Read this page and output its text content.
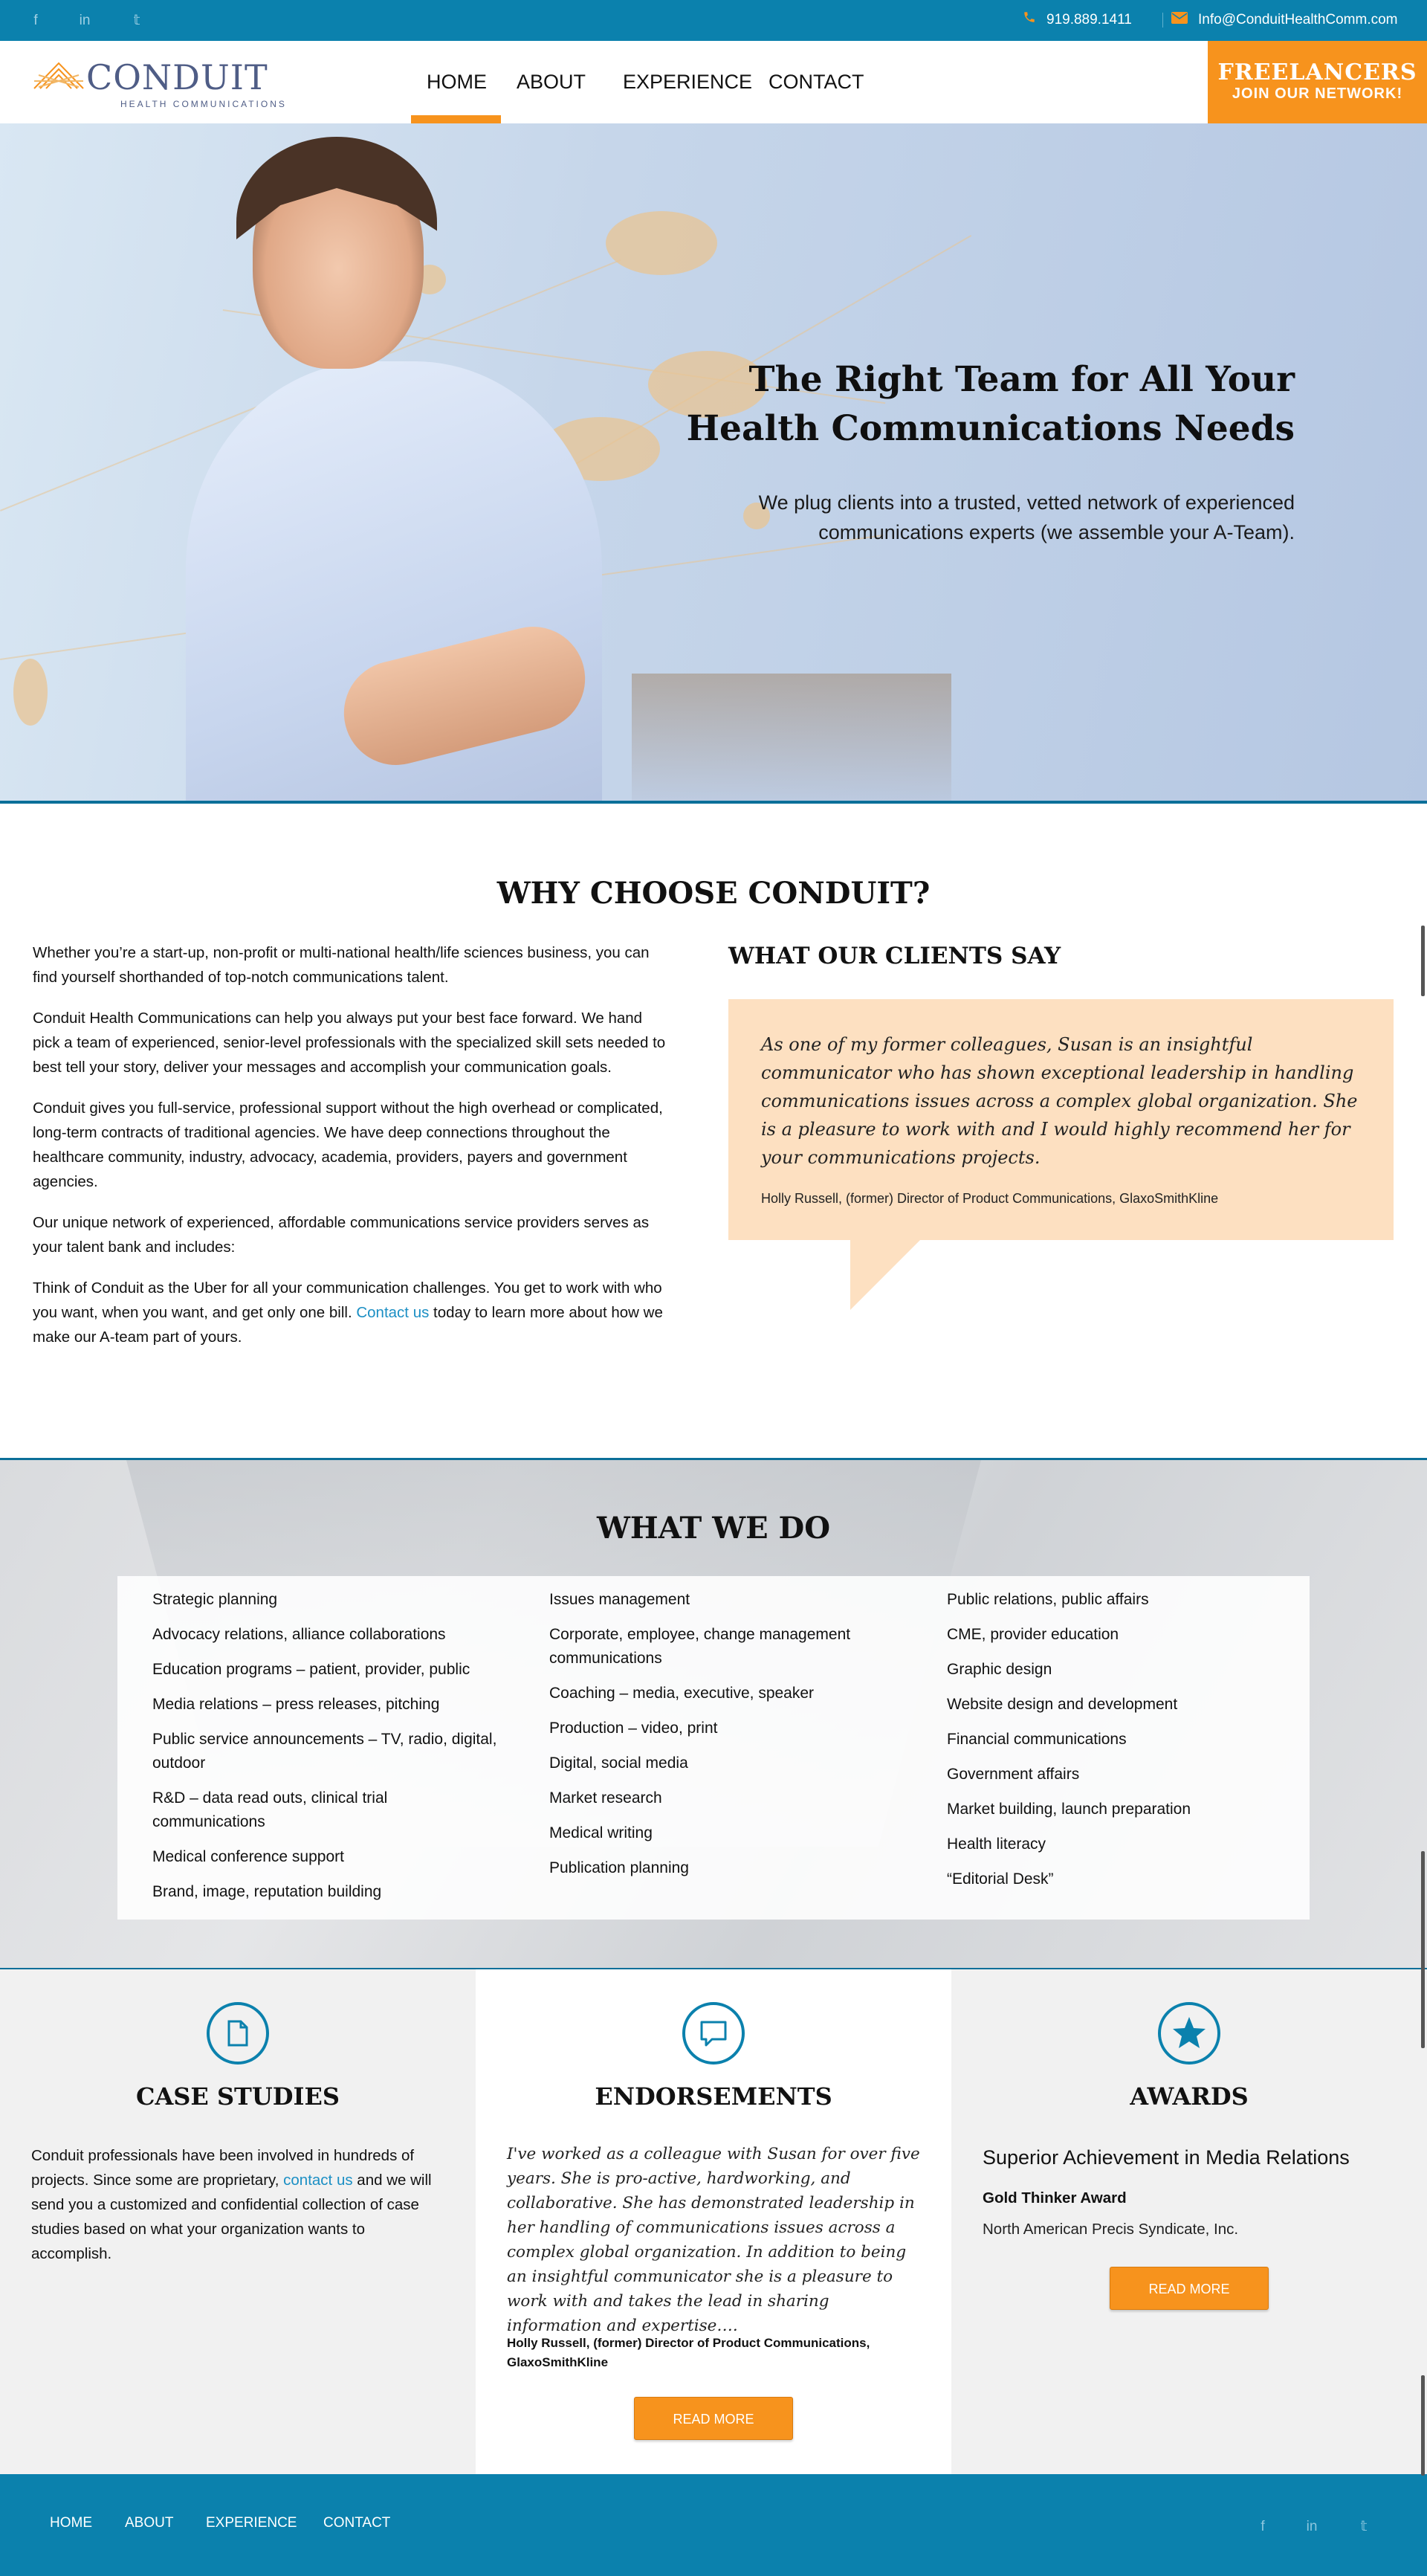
f	in	𝕥	919.889.1411	Info@ConduitHealthComm.com
CONDUIT
HEALTH COMMUNICATIONS
HOME ABOUT EXPERIENCE CONTACT	FREELANCERS
JOIN OUR NETWORK!
The Right Team for All Your Health Communications Needs

We plug clients into a trusted, vetted network of experienced communications experts (we assemble your A-Team).

WHY CHOOSE CONDUIT?

Whether you’re a start-up, non-profit or multi-national health/life sciences business, you can find yourself shorthanded of top-notch communications talent.

Conduit Health Communications can help you always put your best face forward. We hand pick a team of experienced, senior-level professionals with the specialized skill sets needed to best tell your story, deliver your messages and accomplish your communication goals.

Conduit gives you full-service, professional support without the high overhead or complicated, long-term contracts of traditional agencies. We have deep connections throughout the healthcare community, industry, advocacy, academia, providers, payers and government agencies.

Our unique network of experienced, affordable communications service providers serves as your talent bank and includes:

Think of Conduit as the Uber for all your communication challenges. You get to work with who you want, when you want, and get only one bill. Contact us today to learn more about how we make our A-team part of yours.

WHAT OUR CLIENTS SAY
As one of my former colleagues, Susan is an insightful communicator who has shown exceptional leadership in handling communications issues across a complex global organization. She is a pleasure to work with and I would highly recommend her for your communications projects.
Holly Russell, (former) Director of Product Communications, GlaxoSmithKline
WHAT WE DO
Strategic planning
Advocacy relations, alliance collaborations
Education programs – patient, provider, public
Media relations – press releases, pitching
Public service announcements – TV, radio, digital, outdoor
R&D – data read outs, clinical trial communications
Medical conference support
Brand, image, reputation building
Issues management
Corporate, employee, change management communications
Coaching – media, executive, speaker
Production – video, print
Digital, social media
Market research
Medical writing
Publication planning
Public relations, public affairs
CME, provider education
Graphic design
Website design and development
Financial communications
Government affairs
Market building, launch preparation
Health literacy
“Editorial Desk”
CASE STUDIES
Conduit professionals have been involved in hundreds of projects. Since some are proprietary, contact us and we will send you a customized and confidential collection of case studies based on what your organization wants to accomplish.
ENDORSEMENTS
I've worked as a colleague with Susan for over five years. She is pro-active, hardworking, and collaborative. She has demonstrated leadership in her handling of communications issues across a complex global organization. In addition to being an insightful communicator she is a pleasure to work with and takes the lead in sharing information and expertise….
Holly Russell, (former) Director of Product Communications, GlaxoSmithKline
READ MORE
AWARDS
Superior Achievement in Media Relations
Gold Thinker Award
North American Precis Syndicate, Inc.
READ MORE
HOME ABOUT EXPERIENCE CONTACT	f	in	𝕥
